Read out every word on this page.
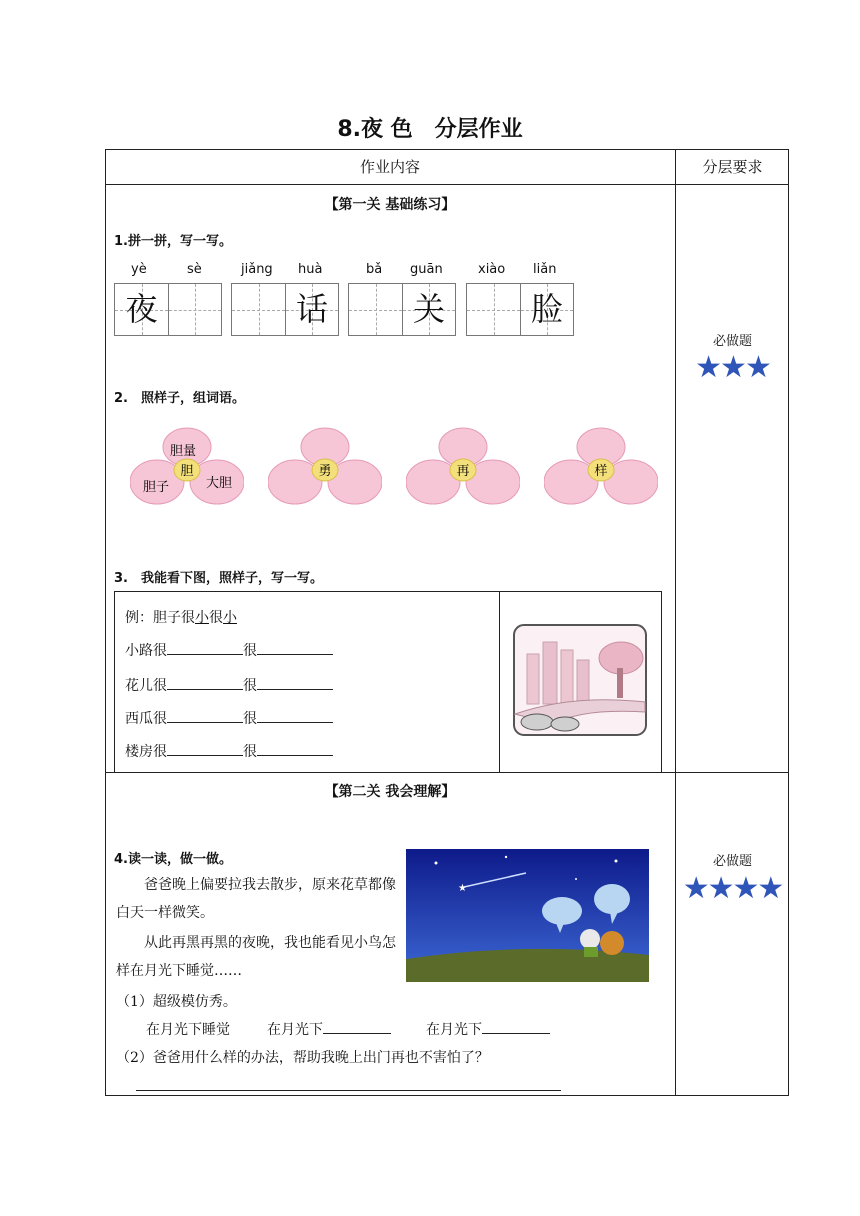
8.夜 色　分层作业
作业内容	分层要求
【第一关 基础练习】
1.拼一拼，写一写。
yè	sè	jiǎng huà	bǎ guān	xiào liǎn
夜	话	关	脸
2.　照样子，组词语。
胆
胆量
胆子	大胆
勇	再	样
3.　我能看下图，照样子，写一写。
例：胆子很小很小
小路很	很
花儿很	很
西瓜很	很
楼房很	很
必做题
★★★
【第二关 我会理解】
4.读一读，做一做。
　　爸爸晚上偏要拉我去散步，原来花草都像白天一样微笑。
　　从此再黑再黑的夜晚，我也能看见小鸟怎样在月光下睡觉……
★
（1）超级模仿秀。
在月光下睡觉	在月光下	在月光下
（2）爸爸用什么样的办法，帮助我晚上出门再也不害怕了？
必做题
★★★★
